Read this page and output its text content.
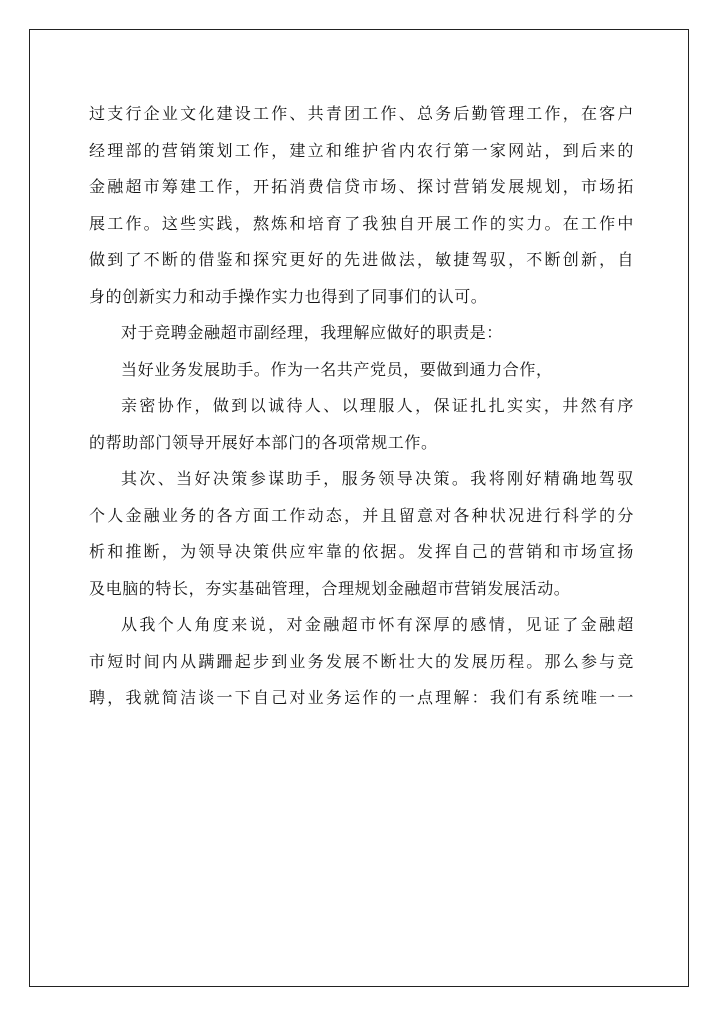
过支行企业文化建设工作、共青团工作、总务后勤管理工作，在客户
经理部的营销策划工作，建立和维护省内农行第一家网站，到后来的
金融超市筹建工作，开拓消费信贷市场、探讨营销发展规划，市场拓
展工作。这些实践，熬炼和培育了我独自开展工作的实力。在工作中
做到了不断的借鉴和探究更好的先进做法，敏捷驾驭，不断创新，自
身的创新实力和动手操作实力也得到了同事们的认可。
对于竞聘金融超市副经理，我理解应做好的职责是：
当好业务发展助手。作为一名共产党员，要做到通力合作，
亲密协作，做到以诚待人、以理服人，保证扎扎实实，井然有序
的帮助部门领导开展好本部门的各项常规工作。
其次、当好决策参谋助手，服务领导决策。我将刚好精确地驾驭
个人金融业务的各方面工作动态，并且留意对各种状况进行科学的分
析和推断，为领导决策供应牢靠的依据。发挥自己的营销和市场宣扬
及电脑的特长，夯实基础管理，合理规划金融超市营销发展活动。
从我个人角度来说，对金融超市怀有深厚的感情，见证了金融超
市短时间内从蹒跚起步到业务发展不断壮大的发展历程。那么参与竞
聘，我就简洁谈一下自己对业务运作的一点理解：我们有系统唯一一
